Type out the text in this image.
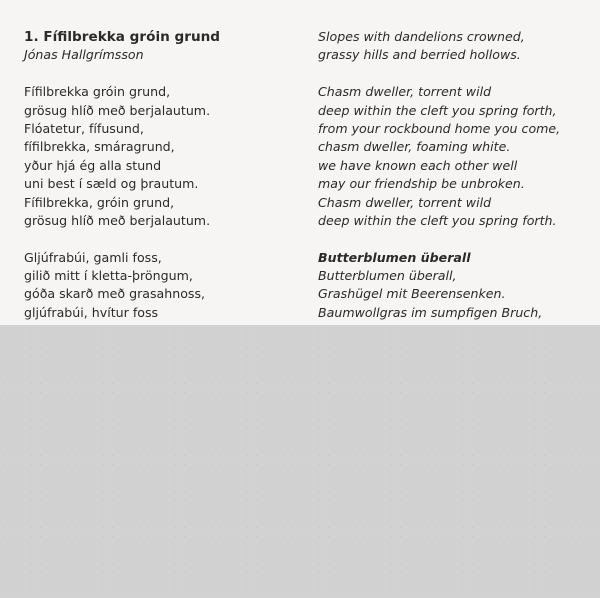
1. Fífilbrekka gróin grund
Jónas Hallgrímsson
Fífilbrekka gróin grund,
grösug hlíð með berjalautum.
Flóatetur, fífusund,
fífilbrekka, smáragrund,
yður hjá ég alla stund
uni best í sæld og þrautum.
Fífilbrekka, gróin grund,
grösug hlíð með berjalautum.
Gljúfrabúi, gamli foss,
gilið mitt í kletta-þröngum,
góða skarð með grasahnoss,
gljúfrabúi, hvítur foss
Slopes with dandelions crowned,
grassy hills and berried hollows.
Chasm dweller, torrent wild
deep within the cleft you spring forth,
from your rockbound home you come,
chasm dweller, foaming white.
we have known each other well
may our friendship be unbroken.
Chasm dweller, torrent wild
deep within the cleft you spring forth.
Butterblumen überall
Butterblumen überall,
Grashügel mit Beerensenken.
Baumwollgras im sumpfigen Bruch,
